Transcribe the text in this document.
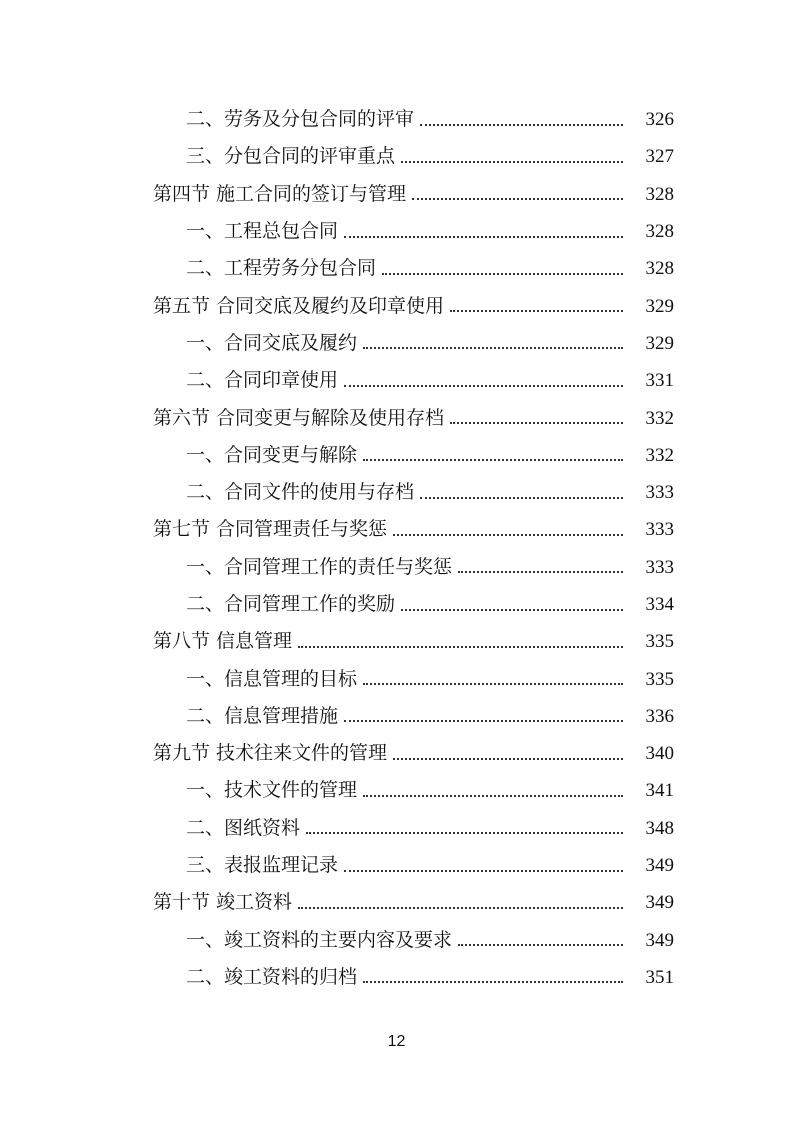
二、劳务及分包合同的评审	326
三、分包合同的评审重点	327
第四节 施工合同的签订与管理	328
一、工程总包合同	328
二、工程劳务分包合同	328
第五节 合同交底及履约及印章使用	329
一、合同交底及履约	329
二、合同印章使用	331
第六节 合同变更与解除及使用存档	332
一、合同变更与解除	332
二、合同文件的使用与存档	333
第七节 合同管理责任与奖惩	333
一、合同管理工作的责任与奖惩	333
二、合同管理工作的奖励	334
第八节 信息管理	335
一、信息管理的目标	335
二、信息管理措施	336
第九节 技术往来文件的管理	340
一、技术文件的管理	341
二、图纸资料	348
三、表报监理记录	349
第十节 竣工资料	349
一、竣工资料的主要内容及要求	349
二、竣工资料的归档	351
12
